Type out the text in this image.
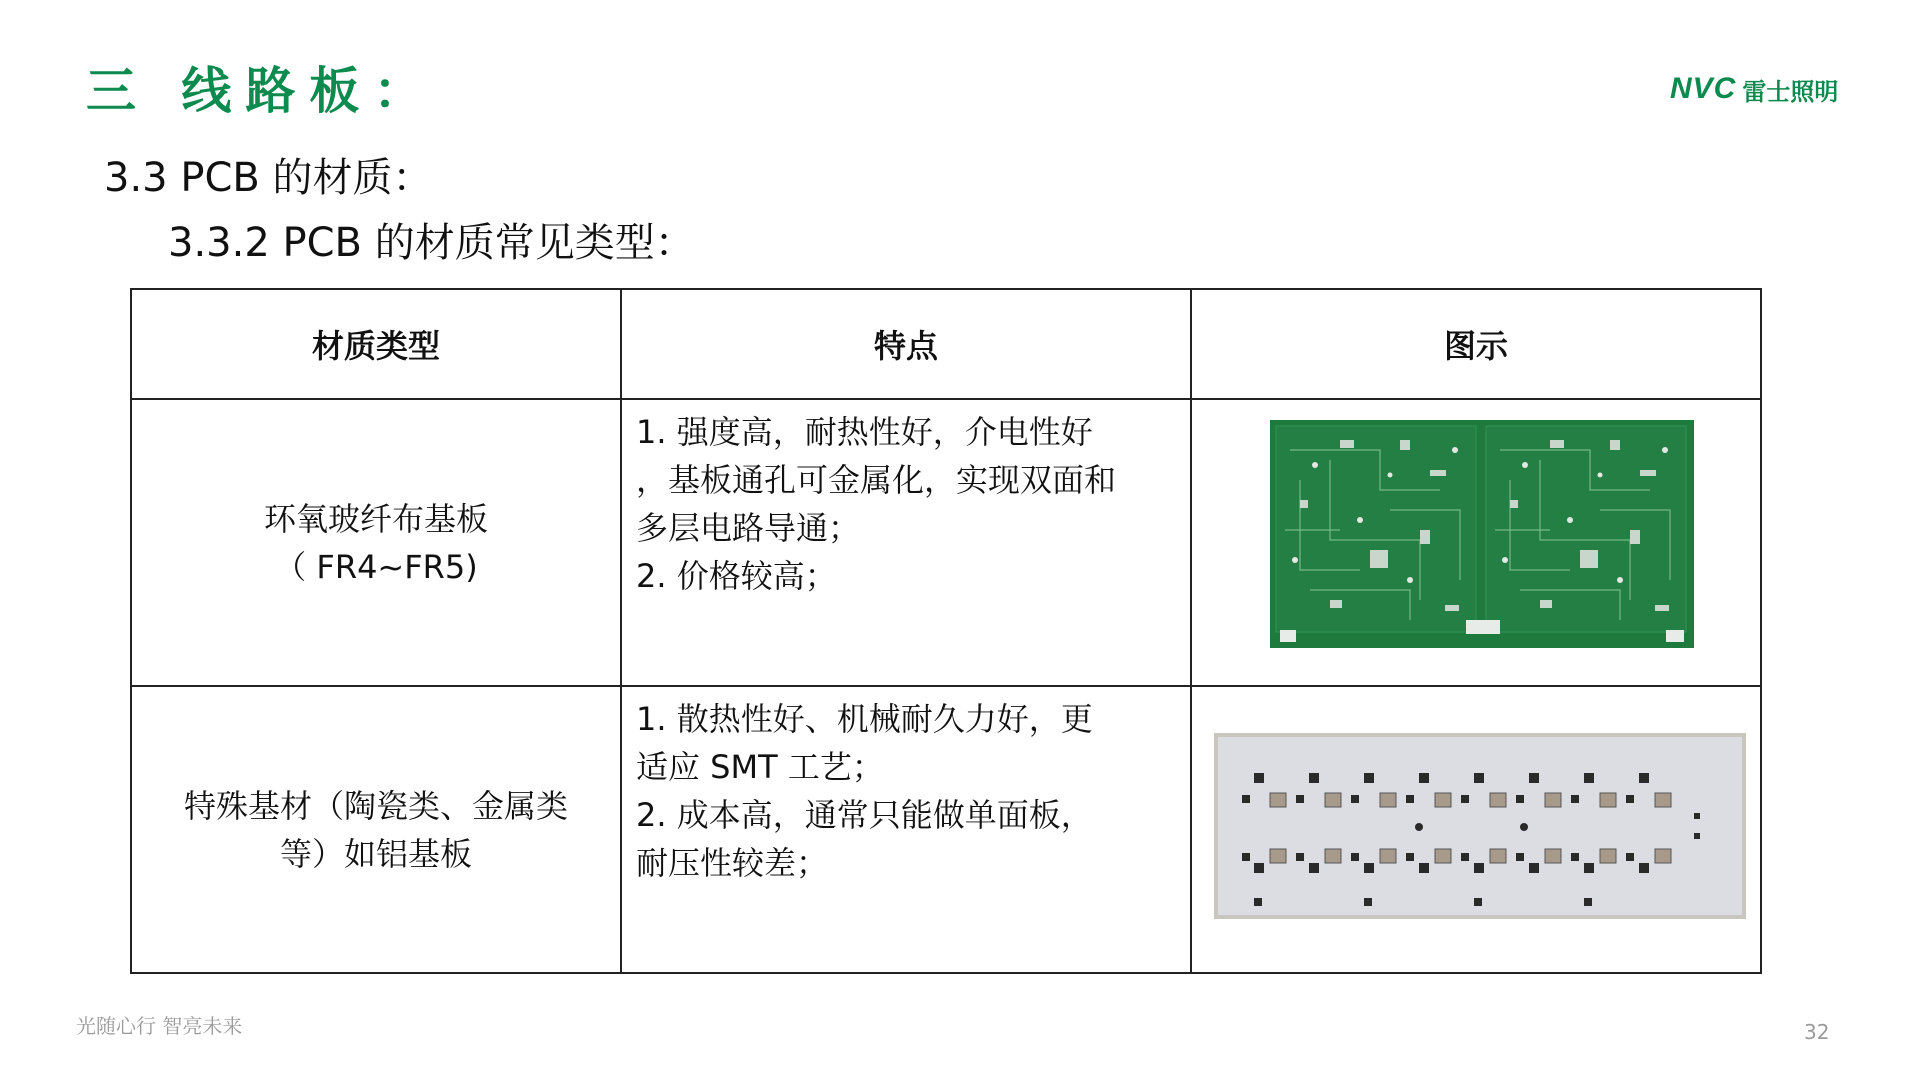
三 线路板：	NVC 雷士照明
3.3 PCB 的材质：
3.3.2 PCB 的材质常见类型：
材质类型	特点	图示

环氧玻纤布基板
（ FR4~FR5)	1. 强度高，耐热性好，介电性好
，基板通孔可金属化，实现双面和
多层电路导通；
2. 价格较高；

特殊基材（陶瓷类、金属类
等）如铝基板	1. 散热性好、机械耐久力好，更
适应 SMT 工艺；
2. 成本高，通常只能做单面板，
耐压性较差；

光随心行 智亮未来	32
